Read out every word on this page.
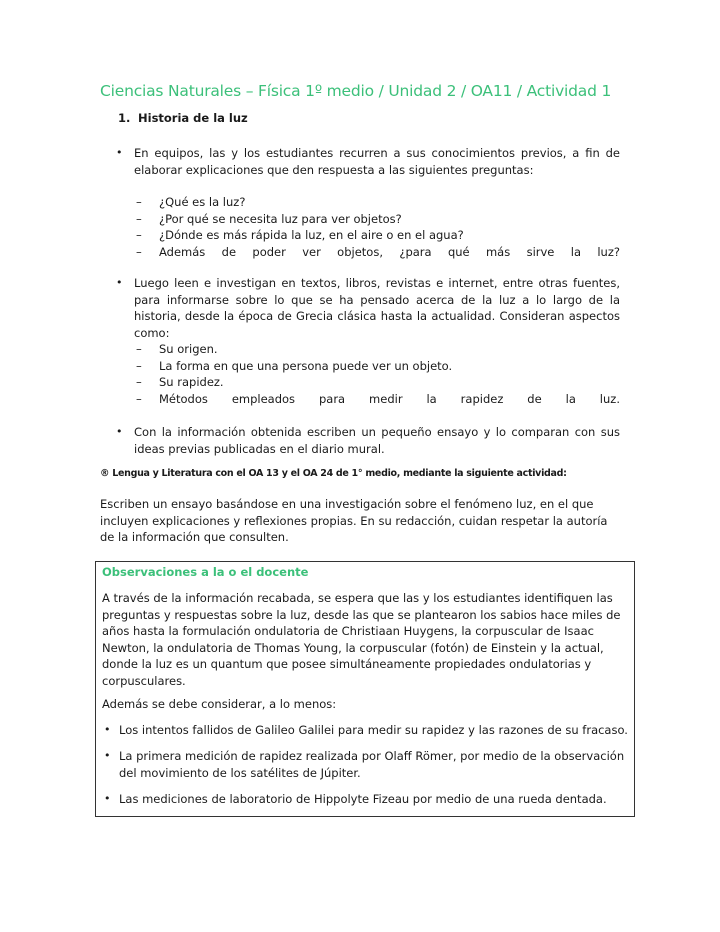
Ciencias Naturales – Física 1º medio / Unidad 2 / OA11 / Actividad 1
1. Historia de la luz
• En equipos, las y los estudiantes recurren a sus conocimientos previos, a fin de elaborar explicaciones que den respuesta a las siguientes preguntas:
– ¿Qué es la luz?
– ¿Por qué se necesita luz para ver objetos?
– ¿Dónde es más rápida la luz, en el aire o en el agua?
– Además de poder ver objetos, ¿para qué más sirve la luz?
• Luego leen e investigan en textos, libros, revistas e internet, entre otras fuentes, para informarse sobre lo que se ha pensado acerca de la luz a lo largo de la historia, desde la época de Grecia clásica hasta la actualidad. Consideran aspectos como:
– Su origen.
– La forma en que una persona puede ver un objeto.
– Su rapidez.
– Métodos empleados para medir la rapidez de la luz.
• Con la información obtenida escriben un pequeño ensayo y lo comparan con sus ideas previas publicadas en el diario mural.
® Lengua y Literatura con el OA 13 y el OA 24 de 1° medio, mediante la siguiente actividad:
Escriben un ensayo basándose en una investigación sobre el fenómeno luz, en el que incluyen explicaciones y reflexiones propias. En su redacción, cuidan respetar la autoría de la información que consulten.
Observaciones a la o el docente
A través de la información recabada, se espera que las y los estudiantes identifiquen las preguntas y respuestas sobre la luz, desde las que se plantearon los sabios hace miles de años hasta la formulación ondulatoria de Christiaan Huygens, la corpuscular de Isaac Newton, la ondulatoria de Thomas Young, la corpuscular (fotón) de Einstein y la actual, donde la luz es un quantum que posee simultáneamente propiedades ondulatorias y corpusculares.
Además se debe considerar, a lo menos:
• Los intentos fallidos de Galileo Galilei para medir su rapidez y las razones de su fracaso.
• La primera medición de rapidez realizada por Olaff Römer, por medio de la observación del movimiento de los satélites de Júpiter.
• Las mediciones de laboratorio de Hippolyte Fizeau por medio de una rueda dentada.
